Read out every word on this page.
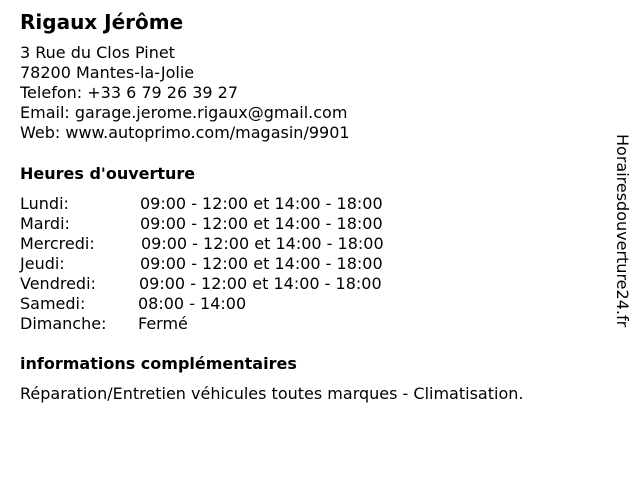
Rigaux Jérôme
3 Rue du Clos Pinet
78200 Mantes-la-Jolie
Telefon: +33 6 79 26 39 27
Email: garage.jerome.rigaux@gmail.com
Web: www.autoprimo.com/magasin/9901
Heures d'ouverture
Lundi:	09:00 - 12:00 et 14:00 - 18:00
Mardi:	09:00 - 12:00 et 14:00 - 18:00
Mercredi:	09:00 - 12:00 et 14:00 - 18:00
Jeudi:	09:00 - 12:00 et 14:00 - 18:00
Vendredi:	09:00 - 12:00 et 14:00 - 18:00
Samedi:	08:00 - 14:00
Dimanche: Fermé
informations complémentaires
Réparation/Entretien véhicules toutes marques - Climatisation.
Horairesdouverture24.fr
